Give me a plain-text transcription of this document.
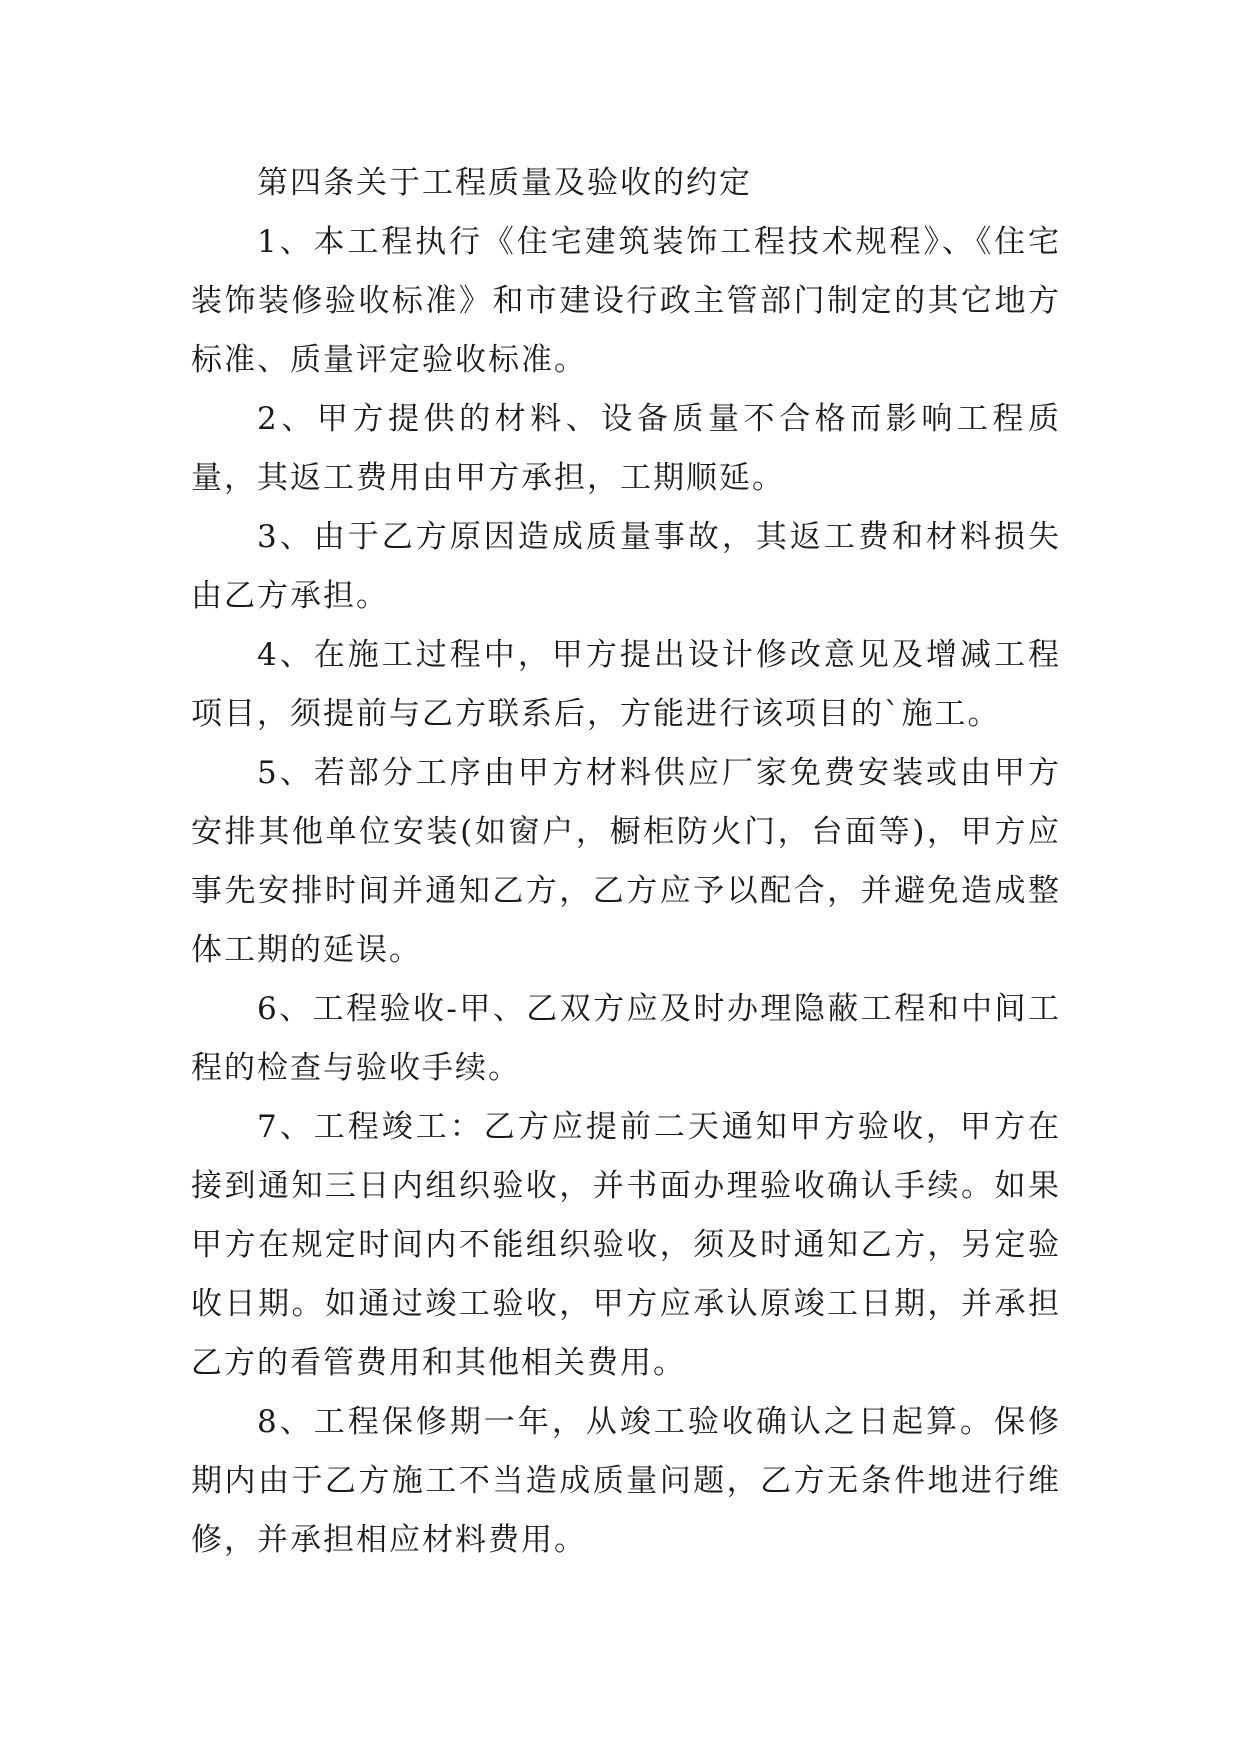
第四条关于工程质量及验收的约定

1、本工程执行《住宅建筑装饰工程技术规程》、《住宅装饰装修验收标准》和市建设行政主管部门制定的其它地方标准、质量评定验收标准。

2、甲方提供的材料、设备质量不合格而影响工程质量，其返工费用由甲方承担，工期顺延。

3、由于乙方原因造成质量事故，其返工费和材料损失由乙方承担。

4、在施工过程中，甲方提出设计修改意见及增减工程项目，须提前与乙方联系后，方能进行该项目的`施工。

5、若部分工序由甲方材料供应厂家免费安装或由甲方安排其他单位安装(如窗户，橱柜防火门，台面等)，甲方应事先安排时间并通知乙方，乙方应予以配合，并避免造成整体工期的延误。

6、工程验收-甲、乙双方应及时办理隐蔽工程和中间工程的检查与验收手续。

7、工程竣工：乙方应提前二天通知甲方验收，甲方在接到通知三日内组织验收，并书面办理验收确认手续。如果甲方在规定时间内不能组织验收，须及时通知乙方，另定验收日期。如通过竣工验收，甲方应承认原竣工日期，并承担乙方的看管费用和其他相关费用。

8、工程保修期一年，从竣工验收确认之日起算。保修期内由于乙方施工不当造成质量问题，乙方无条件地进行维修，并承担相应材料费用。
